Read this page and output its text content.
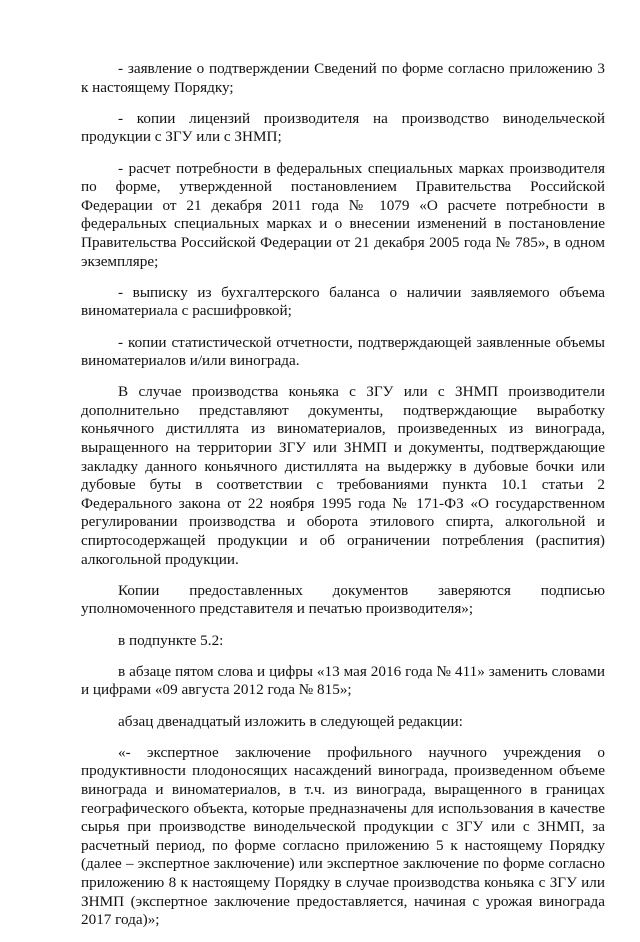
- заявление о подтверждении Сведений по форме согласно приложению 3 к настоящему Порядку;

- копии лицензий производителя на производство винодельческой продукции с ЗГУ или с ЗНМП;

- расчет потребности в федеральных специальных марках производителя по форме, утвержденной постановлением Правительства Российской Федерации от 21 декабря 2011 года № 1079 «О расчете потребности в федеральных специальных марках и о внесении изменений в постановление Правительства Российской Федерации от 21 декабря 2005 года № 785», в одном экземпляре;

- выписку из бухгалтерского баланса о наличии заявляемого объема виноматериала с расшифровкой;

- копии статистической отчетности, подтверждающей заявленные объемы виноматериалов и/или винограда.

В случае производства коньяка с ЗГУ или с ЗНМП производители дополнительно представляют документы, подтверждающие выработку коньячного дистиллята из виноматериалов, произведенных из винограда, выращенного на территории ЗГУ или ЗНМП и документы, подтверждающие закладку данного коньячного дистиллята на выдержку в дубовые бочки или дубовые буты в соответствии с требованиями пункта 10.1 статьи 2 Федерального закона от 22 ноября 1995 года № 171-ФЗ «О государственном регулировании производства и оборота этилового спирта, алкогольной и спиртосодержащей продукции и об ограничении потребления (распития) алкогольной продукции.

Копии предоставленных документов заверяются подписью уполномоченного представителя и печатью производителя»;

в подпункте 5.2:

в абзаце пятом слова и цифры «13 мая 2016 года № 411» заменить словами и цифрами «09 августа 2012 года № 815»;

абзац двенадцатый изложить в следующей редакции:

«- экспертное заключение профильного научного учреждения о продуктивности плодоносящих насаждений винограда, произведенном объеме винограда и виноматериалов, в т.ч. из винограда, выращенного в границах географического объекта, которые предназначены для использования в качестве сырья при производстве винодельческой продукции с ЗГУ или с ЗНМП, за расчетный период, по форме согласно приложению 5 к настоящему Порядку (далее – экспертное заключение) или экспертное заключение по форме согласно приложению 8 к настоящему Порядку в случае производства коньяка с ЗГУ или ЗНМП (экспертное заключение предоставляется, начиная с урожая винограда 2017 года)»;
